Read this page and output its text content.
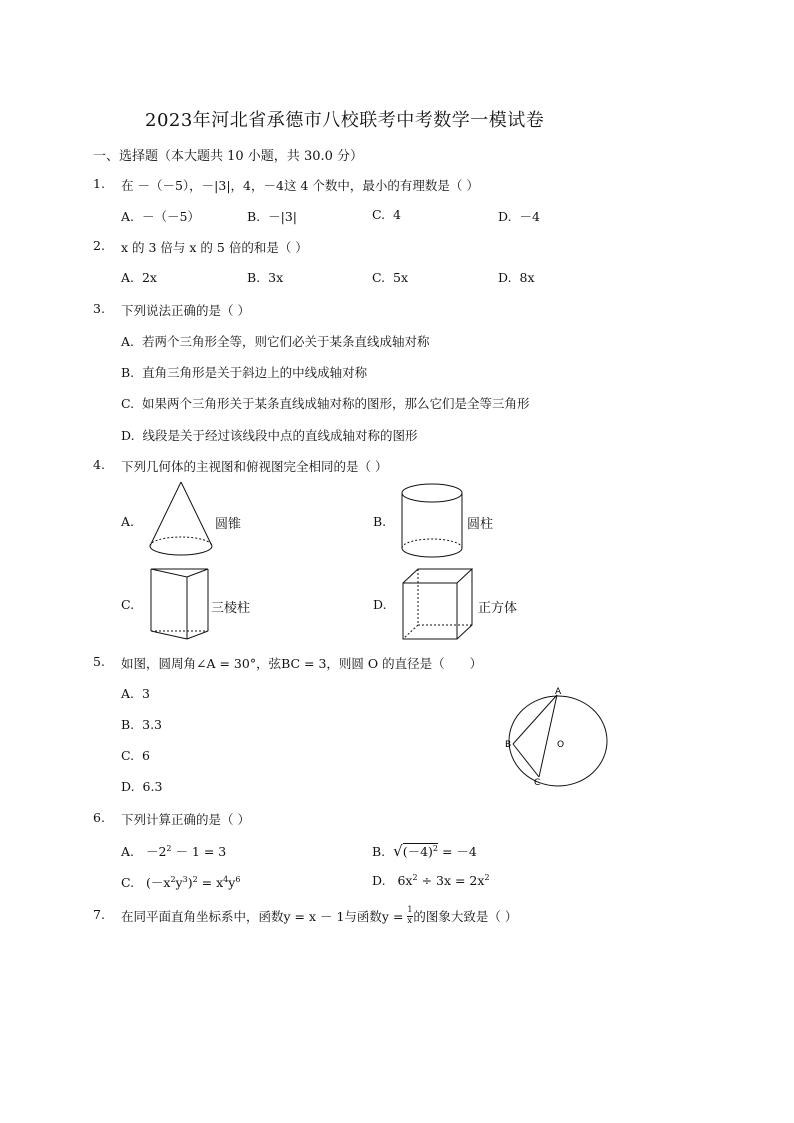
2023年河北省承德市八校联考中考数学一模试卷
一、选择题（本大题共 10 小题，共 30.0 分）
1. 在 －（－5），－|3|，4，－4这 4 个数中，最小的有理数是（ ）
A. －（－5）	B. －|3|	C. 4	D. －4
2. x 的 3 倍与 x 的 5 倍的和是（ ）
A. 2x	B. 3x	C. 5x	D. 8x
3. 下列说法正确的是（ ）
A. 若两个三角形全等，则它们必关于某条直线成轴对称
B. 直角三角形是关于斜边上的中线成轴对称
C. 如果两个三角形关于某条直线成轴对称的图形，那么它们是全等三角形
D. 线段是关于经过该线段中点的直线成轴对称的图形
4. 下列几何体的主视图和俯视图完全相同的是（ ）
A.	圆锥	B.	圆柱
C.	三棱柱	D.	正方体
5. 如图，圆周角∠A = 30°，弦BC = 3，则圆 O 的直径是（　　）
A. 3
B. 3.3
C. 6
D. 6.3
A
B
C
O
6. 下列计算正确的是（ ）
A. $-2^2 - 1 = 3$	B. $√(-4)^2 = -4$
C. $(-x^2y^3)^2 = x^4y^6$	D. $6x^2 \div 3x = 2x^2$
7. 在同平面直角坐标系中，函数y = x － 1与函数$y = \frac{1}{x}$ 的图象大致是（ ）
